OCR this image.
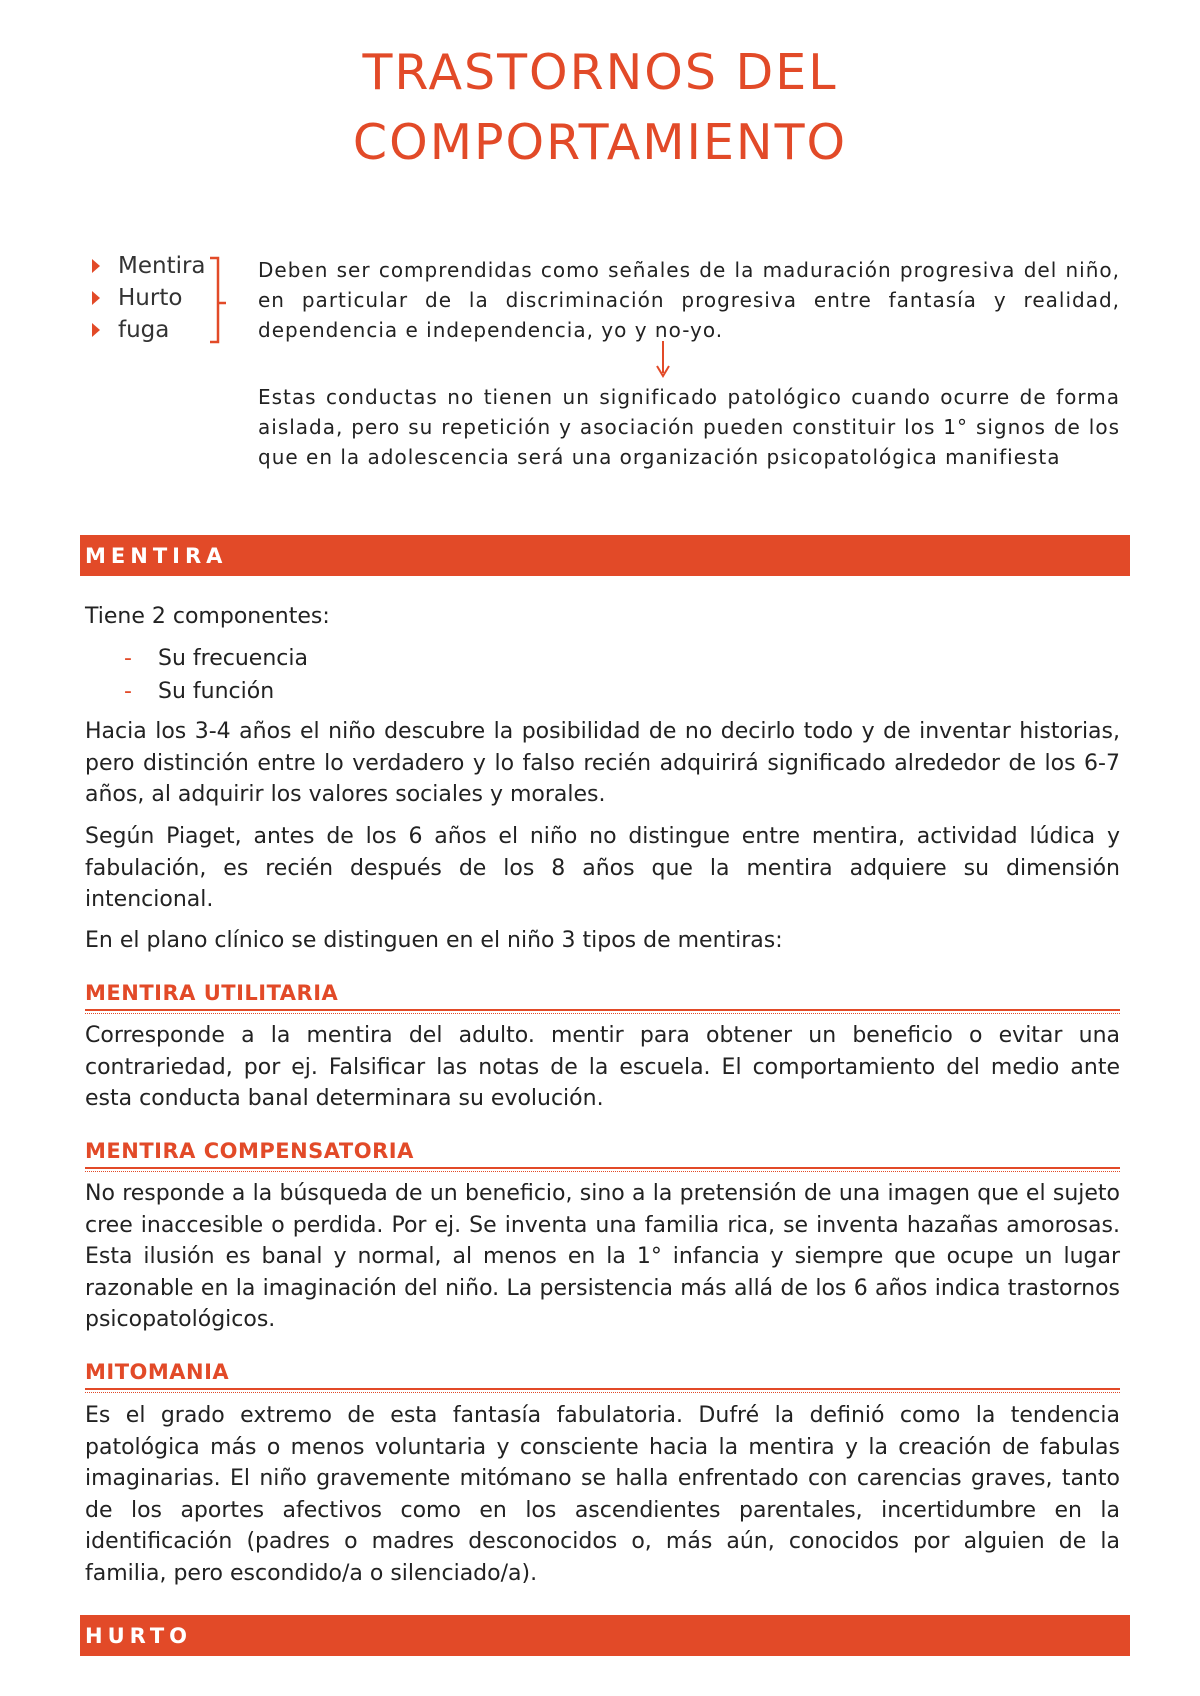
TRASTORNOS DEL
COMPORTAMIENTO
Mentira
Hurto
fuga

Deben ser comprendidas como señales de la maduración progresiva del niño, en particular de la discriminación progresiva entre fantasía y realidad, dependencia e independencia, yo y no-yo.

Estas conductas no tienen un significado patológico cuando ocurre de forma aislada, pero su repetición y asociación pueden constituir los 1° signos de los que en la adolescencia será una organización psicopatológica manifiesta

MENTIRA

Tiene 2 componentes:

-	Su frecuencia
-	Su función

Hacia los 3-4 años el niño descubre la posibilidad de no decirlo todo y de inventar historias, pero distinción entre lo verdadero y lo falso recién adquirirá significado alrededor de los 6-7 años, al adquirir los valores sociales y morales.

Según Piaget, antes de los 6 años el niño no distingue entre mentira, actividad lúdica y fabulación, es recién después de los 8 años que la mentira adquiere su dimensión intencional.

En el plano clínico se distinguen en el niño 3 tipos de mentiras:

MENTIRA UTILITARIA

Corresponde a la mentira del adulto. mentir para obtener un beneficio o evitar una contrariedad, por ej. Falsificar las notas de la escuela. El comportamiento del medio ante esta conducta banal determinara su evolución.

MENTIRA COMPENSATORIA

No responde a la búsqueda de un beneficio, sino a la pretensión de una imagen que el sujeto cree inaccesible o perdida. Por ej. Se inventa una familia rica, se inventa hazañas amorosas. Esta ilusión es banal y normal, al menos en la 1° infancia y siempre que ocupe un lugar razonable en la imaginación del niño. La persistencia más allá de los 6 años indica trastornos psicopatológicos.

MITOMANIA

Es el grado extremo de esta fantasía fabulatoria. Dufré la definió como la tendencia patológica más o menos voluntaria y consciente hacia la mentira y la creación de fabulas imaginarias. El niño gravemente mitómano se halla enfrentado con carencias graves, tanto de los aportes afectivos como en los ascendientes parentales, incertidumbre en la identificación (padres o madres desconocidos o, más aún, conocidos por alguien de la familia, pero escondido/a o silenciado/a).

HURTO
